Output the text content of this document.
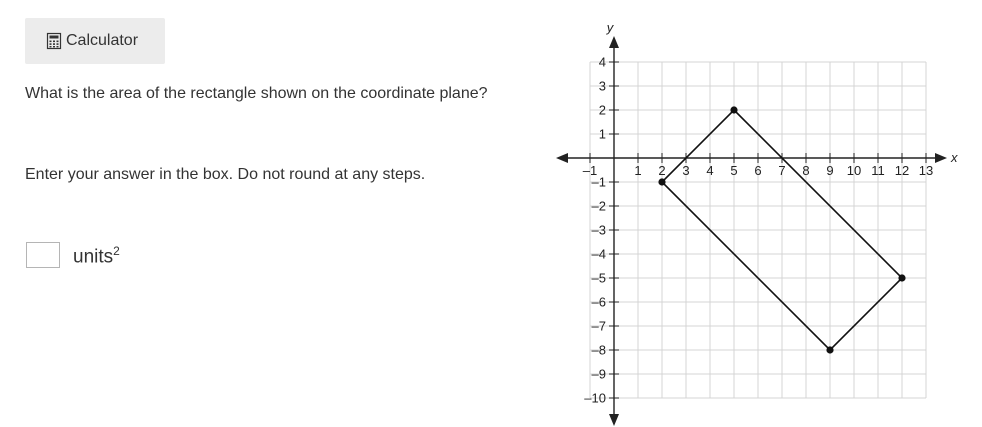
Calculator

What is the area of the rectangle shown on the coordinate plane?

Enter your answer in the box. Do not round at any steps.

units$^2$
x
y
–1	1 2 3 4 5 6 7 8 9 10 11 12 13
4
3
2
1
–1
–2
–3
–4
–5
–6
–7
–8
–9
–10
